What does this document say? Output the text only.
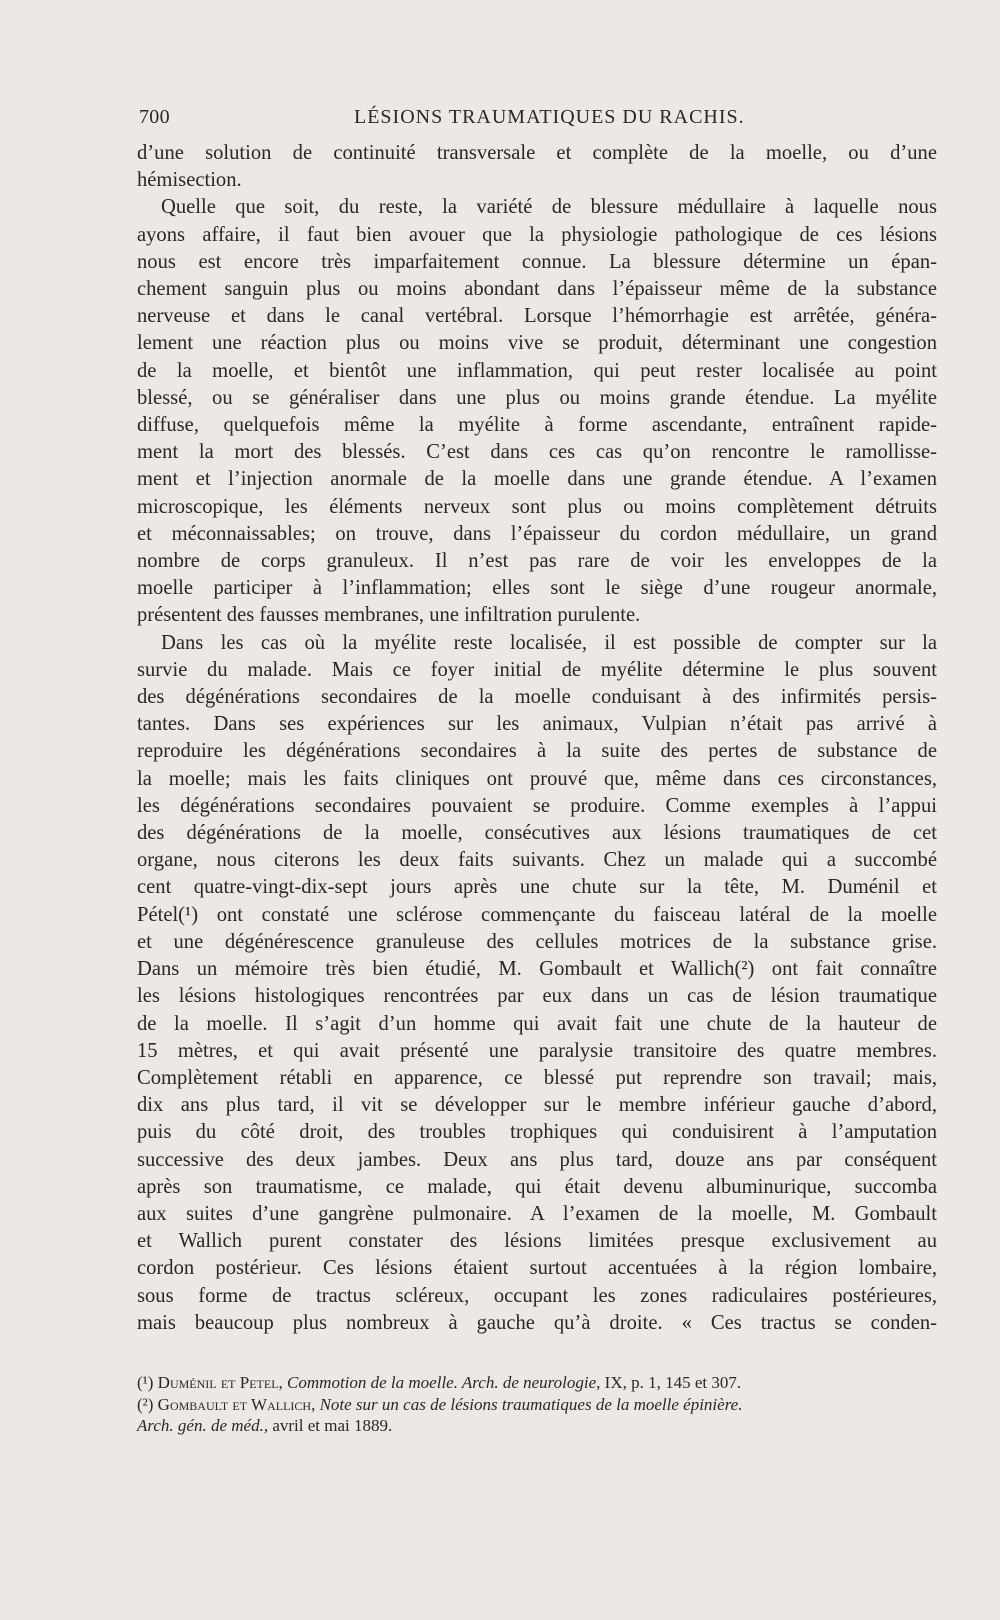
700	LÉSIONS TRAUMATIQUES DU RACHIS.
d’une solution de continuité transversale et complète de la moelle, ou d’une
hémisection.
Quelle que soit, du reste, la variété de blessure médullaire à laquelle nous
ayons affaire, il faut bien avouer que la physiologie pathologique de ces lésions
nous est encore très imparfaitement connue. La blessure détermine un épan-
chement sanguin plus ou moins abondant dans l’épaisseur même de la substance
nerveuse et dans le canal vertébral. Lorsque l’hémorrhagie est arrêtée, généra-
lement une réaction plus ou moins vive se produit, déterminant une congestion
de la moelle, et bientôt une inflammation, qui peut rester localisée au point
blessé, ou se généraliser dans une plus ou moins grande étendue. La myélite
diffuse, quelquefois même la myélite à forme ascendante, entraînent rapide-
ment la mort des blessés. C’est dans ces cas qu’on rencontre le ramollisse-
ment et l’injection anormale de la moelle dans une grande étendue. A l’examen
microscopique, les éléments nerveux sont plus ou moins complètement détruits
et méconnaissables; on trouve, dans l’épaisseur du cordon médullaire, un grand
nombre de corps granuleux. Il n’est pas rare de voir les enveloppes de la
moelle participer à l’inflammation; elles sont le siège d’une rougeur anormale,
présentent des fausses membranes, une infiltration purulente.
Dans les cas où la myélite reste localisée, il est possible de compter sur la
survie du malade. Mais ce foyer initial de myélite détermine le plus souvent
des dégénérations secondaires de la moelle conduisant à des infirmités persis-
tantes. Dans ses expériences sur les animaux, Vulpian n’était pas arrivé à
reproduire les dégénérations secondaires à la suite des pertes de substance de
la moelle; mais les faits cliniques ont prouvé que, même dans ces circonstances,
les dégénérations secondaires pouvaient se produire. Comme exemples à l’appui
des dégénérations de la moelle, consécutives aux lésions traumatiques de cet
organe, nous citerons les deux faits suivants. Chez un malade qui a succombé
cent quatre-vingt-dix-sept jours après une chute sur la tête, M. Duménil et
Pétel(¹) ont constaté une sclérose commençante du faisceau latéral de la moelle
et une dégénérescence granuleuse des cellules motrices de la substance grise.
Dans un mémoire très bien étudié, M. Gombault et Wallich(²) ont fait connaître
les lésions histologiques rencontrées par eux dans un cas de lésion traumatique
de la moelle. Il s’agit d’un homme qui avait fait une chute de la hauteur de
15 mètres, et qui avait présenté une paralysie transitoire des quatre membres.
Complètement rétabli en apparence, ce blessé put reprendre son travail; mais,
dix ans plus tard, il vit se développer sur le membre inférieur gauche d’abord,
puis du côté droit, des troubles trophiques qui conduisirent à l’amputation
successive des deux jambes. Deux ans plus tard, douze ans par conséquent
après son traumatisme, ce malade, qui était devenu albuminurique, succomba
aux suites d’une gangrène pulmonaire. A l’examen de la moelle, M. Gombault
et Wallich purent constater des lésions limitées presque exclusivement au
cordon postérieur. Ces lésions étaient surtout accentuées à la région lombaire,
sous forme de tractus scléreux, occupant les zones radiculaires postérieures,
mais beaucoup plus nombreux à gauche qu’à droite. « Ces tractus se conden-
(¹) Duménil et Petel, Commotion de la moelle. Arch. de neurologie, IX, p. 1, 145 et 307.
(²) Gombault et Wallich, Note sur un cas de lésions traumatiques de la moelle épinière.
Arch. gén. de méd., avril et mai 1889.
